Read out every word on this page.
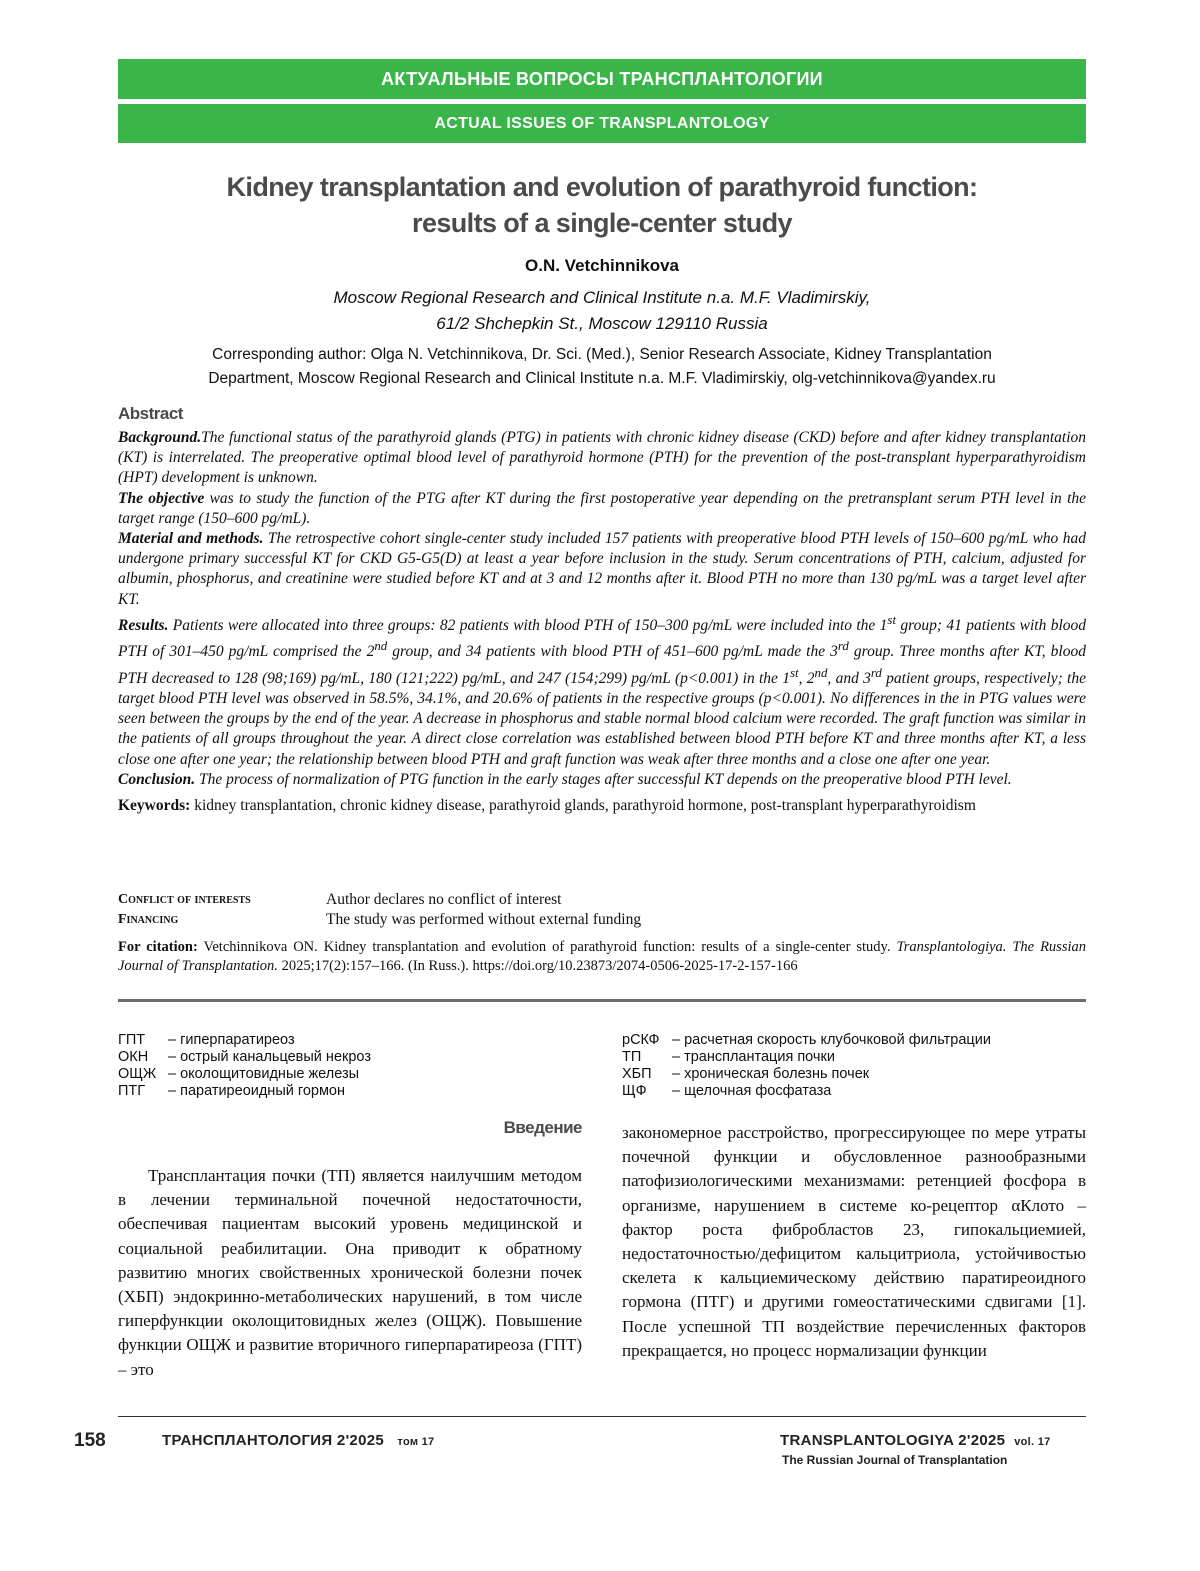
АКТУАЛЬНЫЕ ВОПРОСЫ ТРАНСПЛАНТОЛОГИИ
ACTUAL ISSUES OF TRANSPLANTOLOGY
Kidney transplantation and evolution of parathyroid function:
results of a single-center study
O.N. Vetchinnikova
Moscow Regional Research and Clinical Institute n.a. M.F. Vladimirskiy,
61/2 Shchepkin St., Moscow 129110 Russia
Corresponding author: Olga N. Vetchinnikova, Dr. Sci. (Med.), Senior Research Associate, Kidney Transplantation
Department, Moscow Regional Research and Clinical Institute n.a. M.F. Vladimirskiy, olg-vetchinnikova@yandex.ru
Abstract

Background.The functional status of the parathyroid glands (PTG) in patients with chronic kidney disease (CKD) before and after kidney transplantation (KT) is interrelated. The preoperative optimal blood level of parathyroid hormone (PTH) for the prevention of the post-transplant hyperparathyroidism (HPT) development is unknown.

The objective was to study the function of the PTG after KT during the first postoperative year depending on the pretransplant serum PTH level in the target range (150–600 pg/mL).

Material and methods. The retrospective cohort single-center study included 157 patients with preoperative blood PTH levels of 150–600 pg/mL who had undergone primary successful KT for CKD G5-G5(D) at least a year before inclusion in the study. Serum concentrations of PTH, calcium, adjusted for albumin, phosphorus, and creatinine were studied before KT and at 3 and 12 months after it. Blood PTH no more than 130 pg/mL was a target level after KT.

Results. Patients were allocated into three groups: 82 patients with blood PTH of 150–300 pg/mL were included into the 1st group; 41 patients with blood PTH of 301–450 pg/mL comprised the 2nd group, and 34 patients with blood PTH of 451–600 pg/mL made the 3rd group. Three months after KT, blood PTH decreased to 128 (98;169) pg/mL, 180 (121;222) pg/mL, and 247 (154;299) pg/mL (p<0.001) in the 1st, 2nd, and 3rd patient groups, respectively; the target blood PTH level was observed in 58.5%, 34.1%, and 20.6% of patients in the respective groups (p<0.001). No differences in the in PTG values were seen between the groups by the end of the year. A decrease in phosphorus and stable normal blood calcium were recorded. The graft function was similar in the patients of all groups throughout the year. A direct close correlation was established between blood PTH before KT and three months after KT, a less close one after one year; the relationship between blood PTH and graft function was weak after three months and a close one after one year.

Conclusion. The process of normalization of PTG function in the early stages after successful KT depends on the preoperative blood PTH level.

Keywords: kidney transplantation, chronic kidney disease, parathyroid glands, parathyroid hormone, post-transplant hyperparathyroidism

Conflict of interests	Author declares no conflict of interest
Financing	The study was performed without external funding
For citation: Vetchinnikova ON. Kidney transplantation and evolution of parathyroid function: results of a single-center study. Transplantologiya. The Russian Journal of Transplantation. 2025;17(2):157–166. (In Russ.). https://doi.org/10.23873/2074-0506-2025-17-2-157-166
ГПТ	– гиперпаратиреоз
ОКН	– острый канальцевый некроз
ОЩЖ – околощитовидные железы
ПТГ	– паратиреоидный гормон
рСКФ – расчетная скорость клубочковой фильтрации
ТП	– трансплантация почки
ХБП	– хроническая болезнь почек
ЩФ	– щелочная фосфатаза
Введение

Трансплантация почки (ТП) является наилучшим методом в лечении терминальной почечной недостаточности, обеспечивая пациентам высокий уровень медицинской и социальной реабилитации. Она приводит к обратному развитию многих свойственных хронической болезни почек (ХБП) эндокринно-метаболических нарушений, в том числе гиперфункции околощитовидных желез (ОЩЖ). Повышение функции ОЩЖ и развитие вторичного гиперпаратиреоза (ГПТ) – это

закономерное расстройство, прогрессирующее по мере утраты почечной функции и обусловленное разнообразными патофизиологическими механизмами: ретенцией фосфора в организме, нарушением в системе ко-рецептор αКлото – фактор роста фибробластов 23, гипокальциемией, недостаточностью/дефицитом кальцитриола, устойчивостью скелета к кальциемическому действию паратиреоидного гормона (ПТГ) и другими гомеостатическими сдвигами [1]. После успешной ТП воздействие перечисленных факторов прекращается, но процесс нормализации функции

158	ТРАНСПЛАНТОЛОГИЯ 2'2025 том 17	TRANSPLANTOLOGIYA 2'2025 vol. 17
The Russian Journal of Transplantation
